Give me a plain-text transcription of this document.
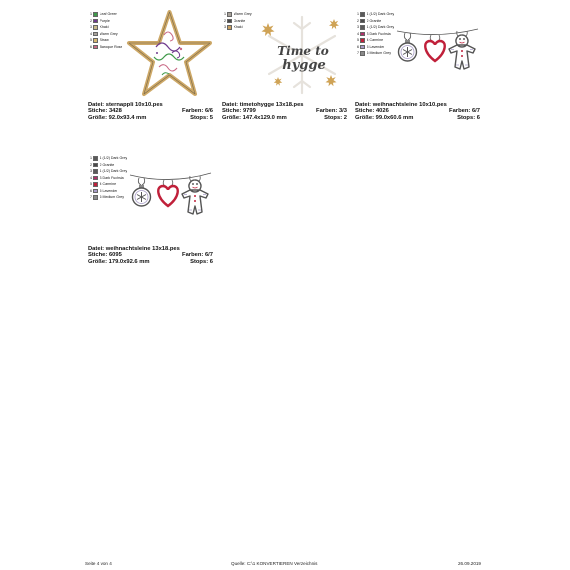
1 Leaf Green
2 Purple
3 Khaki
4 Warm Grey
5 Straw
6 Baroque Rose
Datei: sternappli 10x10.pes
Stiche: 3428	Farben: 6/6
Größe: 92.0x93.4 mm	Stops: 5
1 Warm Grey
2 Granite
3 Khaki
Time to
hygge
Datei: timetohygge 13x18.pes
Stiche: 9799	Farben: 3/3
Größe: 147.4x129.0 mm	Stops: 2
1 1 (1/2) Dark Grey
2 2 Granite
3 1 (1/2) Dark Grey
4 3 Dark Fuchsia
5 4 Carmine
6 5 Lavender
7 6 Medium Grey
Datei: weihnachtsleine 10x10.pes
Stiche: 4026	Farben: 6/7
Größe: 99.0x60.6 mm	Stops: 6
1 1 (1/2) Dark Grey
2 2 Granite
3 1 (1/2) Dark Grey
4 3 Dark Fuchsia
5 4 Carmine
6 5 Lavender
7 6 Medium Grey
Datei: weihnachtsleine 13x18.pes
Stiche: 6095	Farben: 6/7
Größe: 179.0x92.6 mm	Stops: 6
Seite 4 von 4	Quelle: C:\1 KONVERTIEREN Verzeichnis	26.09.2019
